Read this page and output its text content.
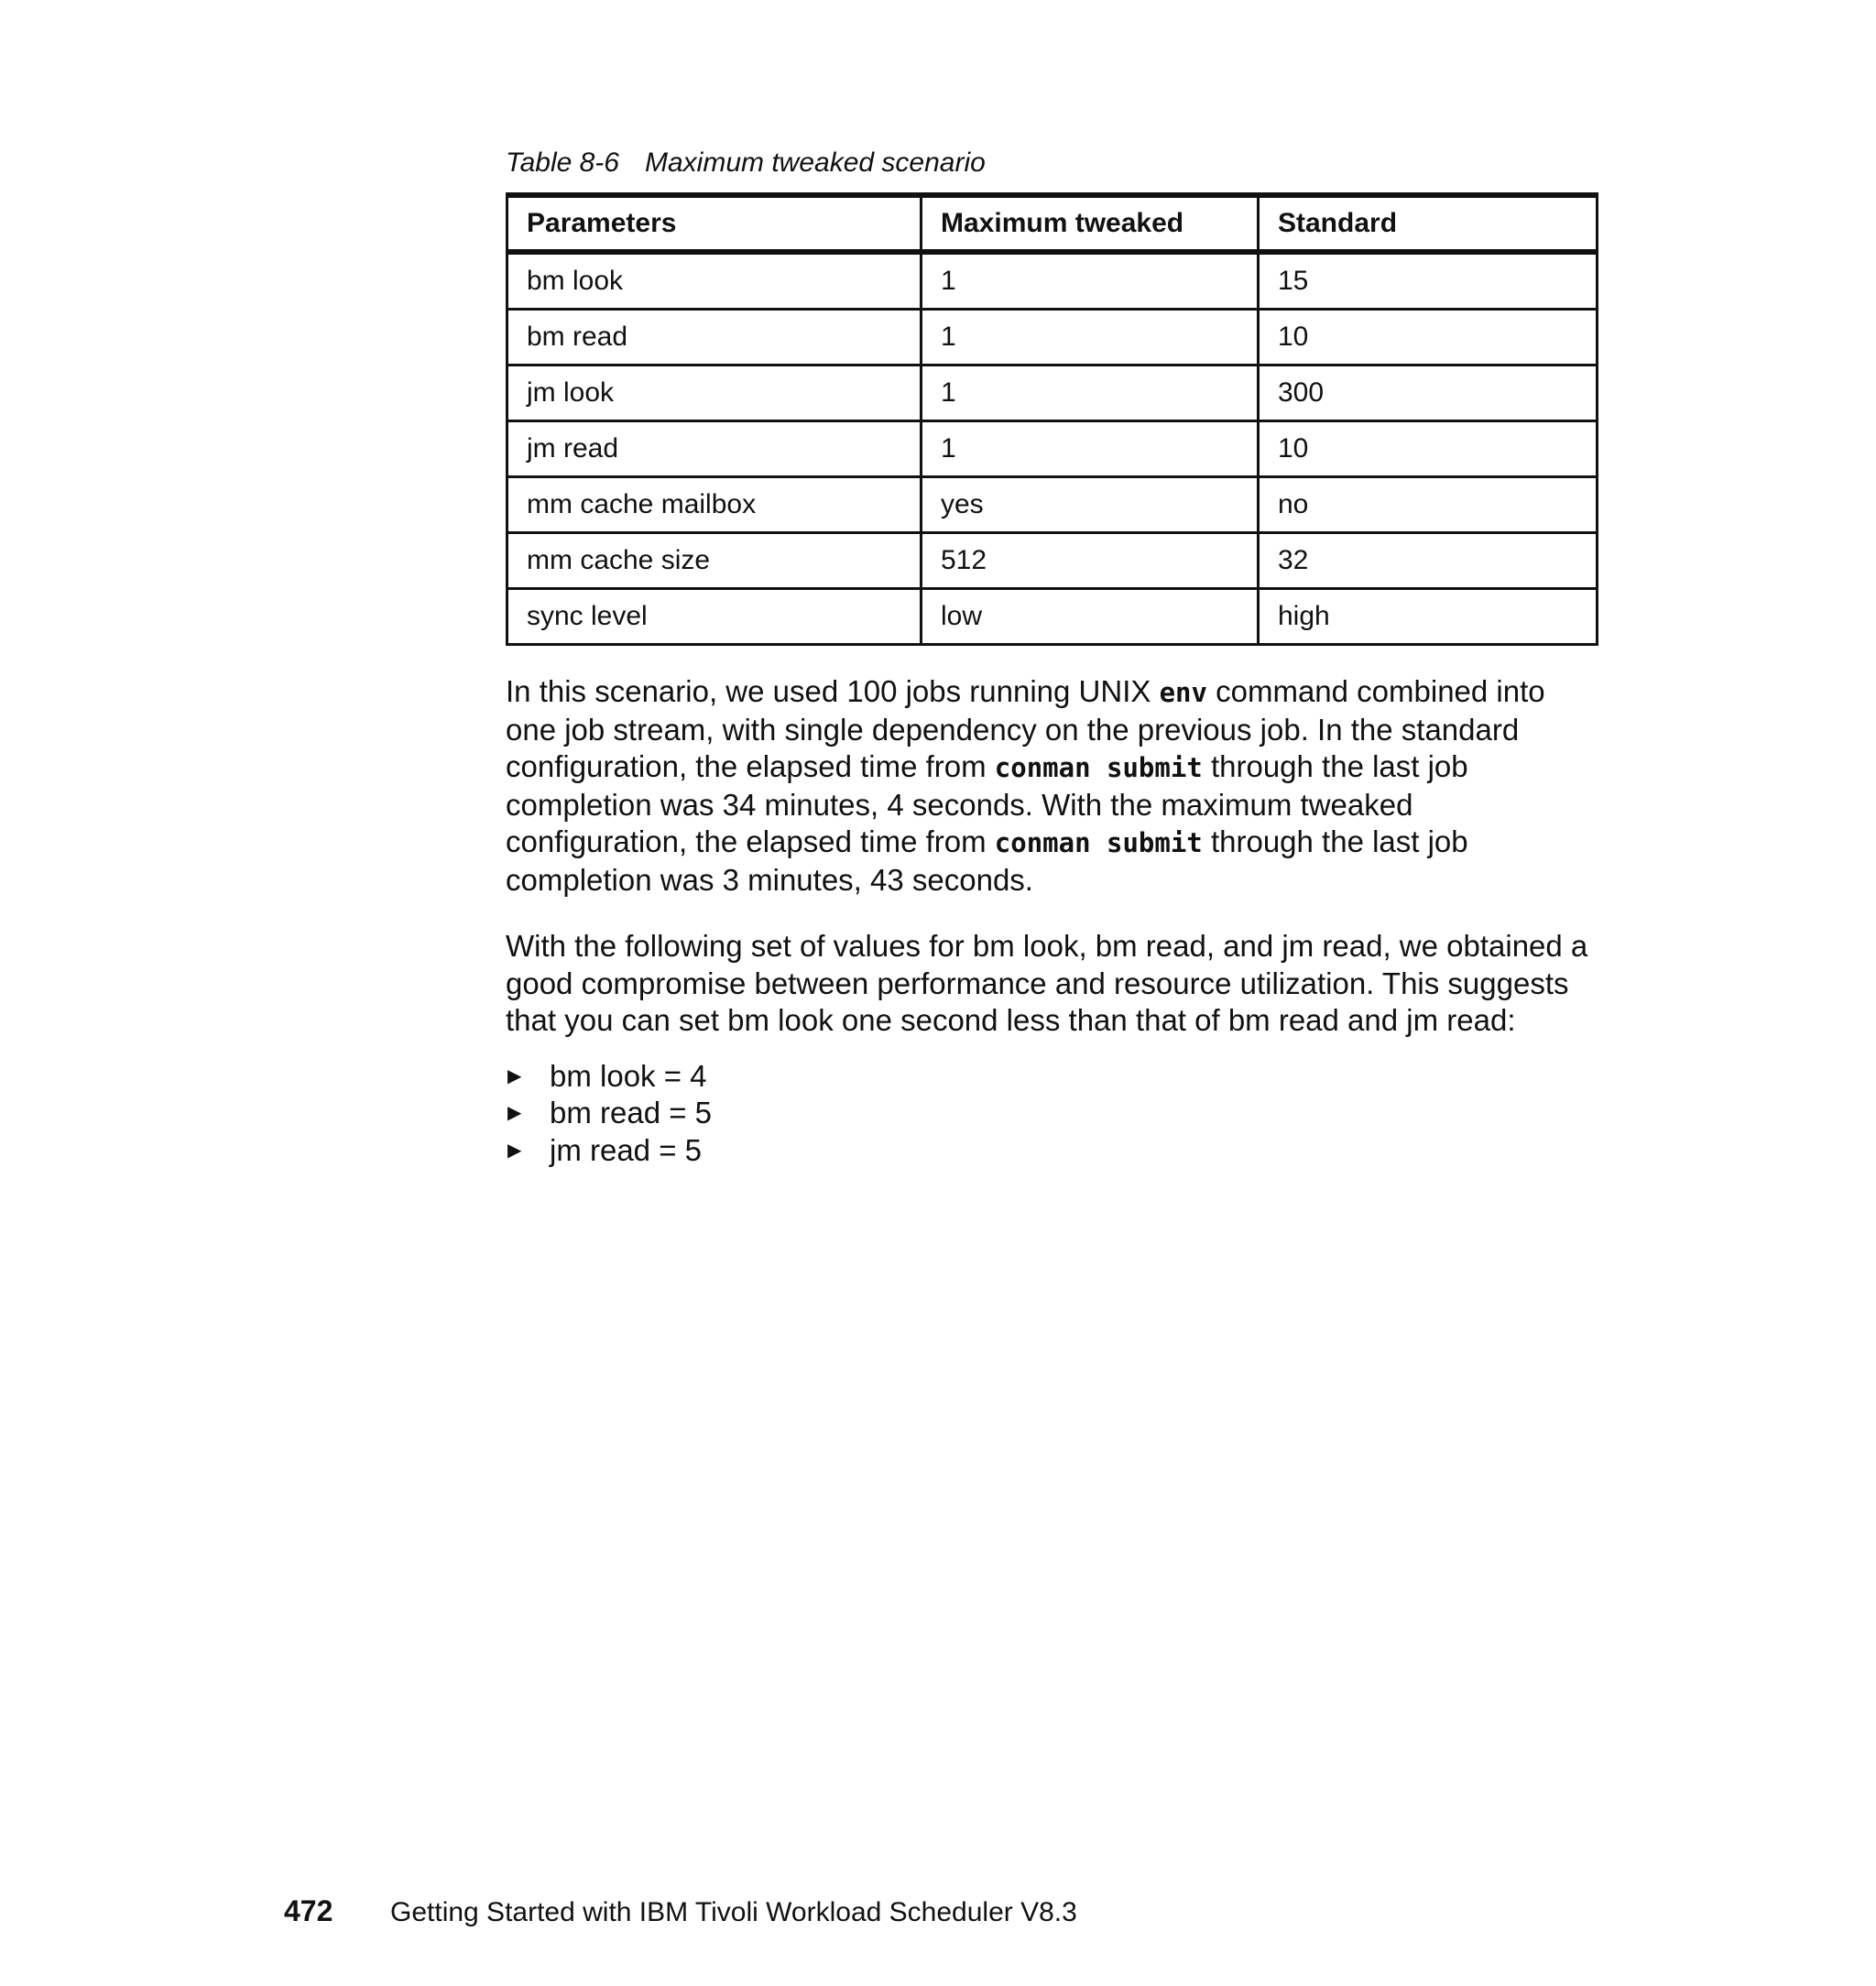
Table 8-6 Maximum tweaked scenario
Parameters	Maximum tweaked	Standard
bm look	1	15
bm read	1	10
jm look	1	300
jm read	1	10
mm cache mailbox	yes	no
mm cache size	512	32
sync level	low	high

In this scenario, we used 100 jobs running UNIX env command combined into one job stream, with single dependency on the previous job. In the standard configuration, the elapsed time from conman submit through the last job completion was 34 minutes, 4 seconds. With the maximum tweaked configuration, the elapsed time from conman submit through the last job completion was 3 minutes, 43 seconds.

With the following set of values for bm look, bm read, and jm read, we obtained a good compromise between performance and resource utilization. This suggests that you can set bm look one second less than that of bm read and jm read:

▶ bm look = 4
▶ bm read = 5
▶ jm read = 5
472 Getting Started with IBM Tivoli Workload Scheduler V8.3
